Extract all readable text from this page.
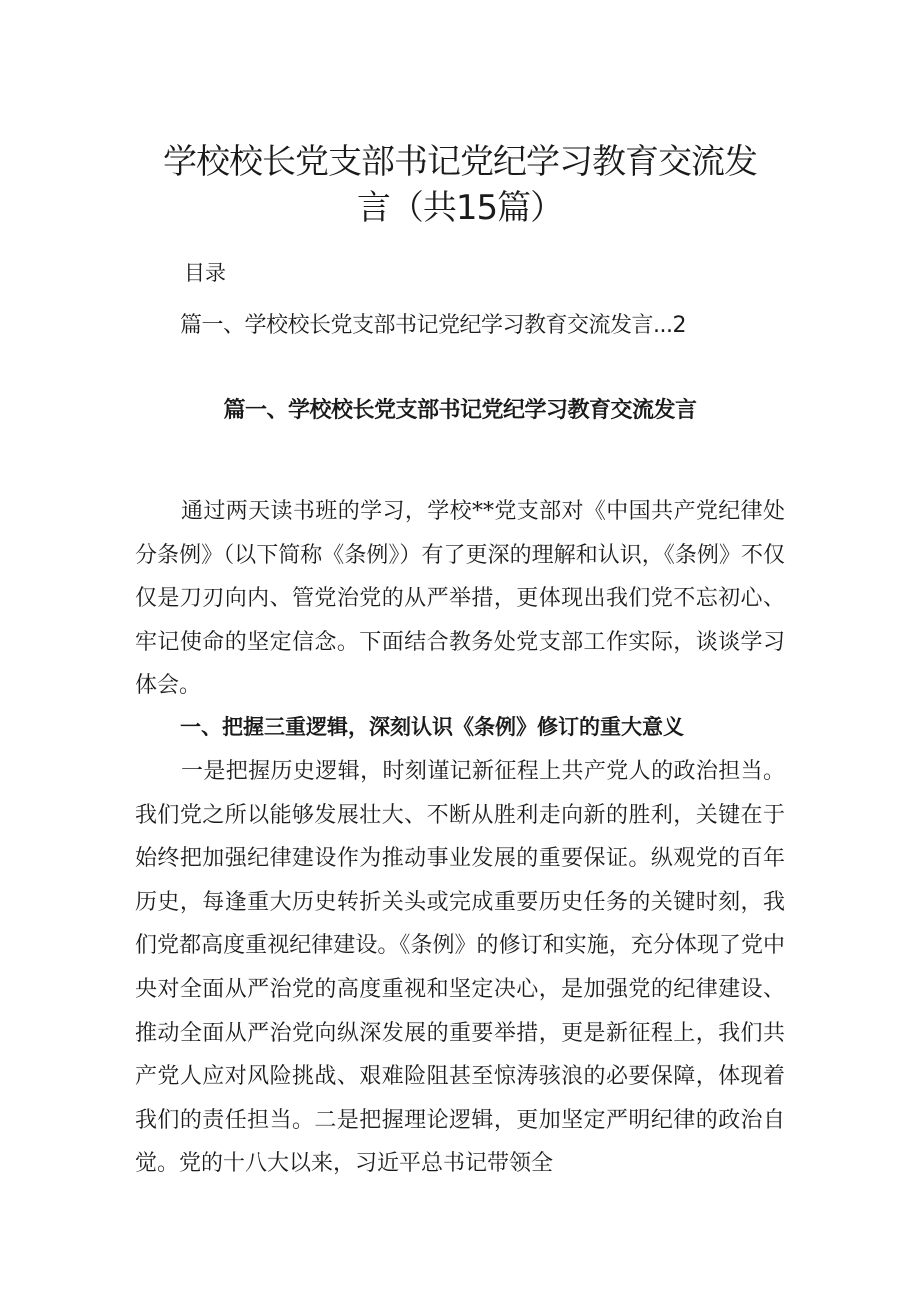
学校校长党支部书记党纪学习教育交流发
言（共15篇）

目录

篇一、学校校长党支部书记党纪学习教育交流发言...2

篇一、学校校长党支部书记党纪学习教育交流发言

通过两天读书班的学习，学校**党支部对《中国共产党纪律处分条例》（以下简称《条例》）有了更深的理解和认识，《条例》不仅仅是刀刃向内、管党治党的从严举措，更体现出我们党不忘初心、牢记使命的坚定信念。下面结合教务处党支部工作实际，谈谈学习体会。

一、把握三重逻辑，深刻认识《条例》修订的重大意义

一是把握历史逻辑，时刻谨记新征程上共产党人的政治担当。我们党之所以能够发展壮大、不断从胜利走向新的胜利，关键在于始终把加强纪律建设作为推动事业发展的重要保证。纵观党的百年历史，每逢重大历史转折关头或完成重要历史任务的关键时刻，我们党都高度重视纪律建设。《条例》的修订和实施，充分体现了党中央对全面从严治党的高度重视和坚定决心，是加强党的纪律建设、推动全面从严治党向纵深发展的重要举措，更是新征程上，我们共产党人应对风险挑战、艰难险阻甚至惊涛骇浪的必要保障，体现着我们的责任担当。二是把握理论逻辑，更加坚定严明纪律的政治自觉。党的十八大以来，习近平总书记带领全
